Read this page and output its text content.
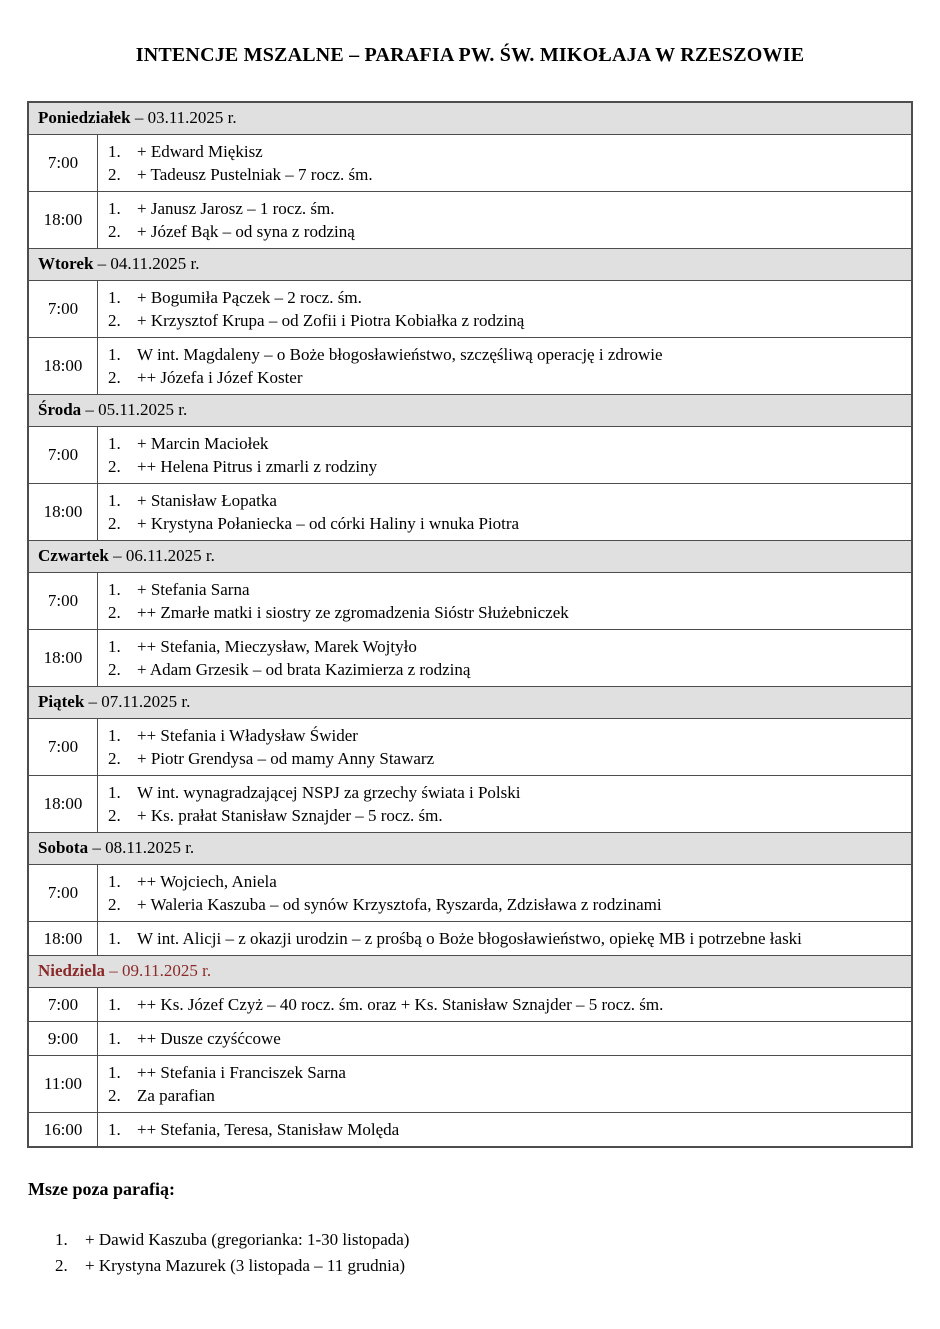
INTENCJE MSZALNE – PARAFIA PW. ŚW. MIKOŁAJA W RZESZOWIE
Poniedziałek – 03.11.2025 r.	
7:00	1. + Edward Miękisz
2. + Tadeusz Pustelniak – 7 rocz. śm.

18:00	1. + Janusz Jarosz – 1 rocz. śm.
2. + Józef Bąk – od syna z rodziną

Wtorek – 04.11.2025 r.	
7:00	1. + Bogumiła Pączek – 2 rocz. śm.
2. + Krzysztof Krupa – od Zofii i Piotra Kobiałka z rodziną

18:00	1. W int. Magdaleny – o Boże błogosławieństwo, szczęśliwą operację i zdrowie
2. ++ Józefa i Józef Koster

Środa – 05.11.2025 r.	
7:00	1. + Marcin Maciołek
2. ++ Helena Pitrus i zmarli z rodziny

18:00	1. + Stanisław Łopatka
2. + Krystyna Połaniecka – od córki Haliny i wnuka Piotra

Czwartek – 06.11.2025 r.	
7:00	1. + Stefania Sarna
2. ++ Zmarłe matki i siostry ze zgromadzenia Sióstr Służebniczek

18:00	1. ++ Stefania, Mieczysław, Marek Wojtyło
2. + Adam Grzesik – od brata Kazimierza z rodziną

Piątek – 07.11.2025 r.	
7:00	1. ++ Stefania i Władysław Świder
2. + Piotr Grendysa – od mamy Anny Stawarz

18:00	1. W int. wynagradzającej NSPJ za grzechy świata i Polski
2. + Ks. prałat Stanisław Sznajder – 5 rocz. śm.

Sobota – 08.11.2025 r.	
7:00	1. ++ Wojciech, Aniela
2. + Waleria Kaszuba – od synów Krzysztofa, Ryszarda, Zdzisława z rodzinami

18:00	1. W int. Alicji – z okazji urodzin – z prośbą o Boże błogosławieństwo, opiekę MB i potrzebne łaski

Niedziela – 09.11.2025 r.	
7:00	1. ++ Ks. Józef Czyż – 40 rocz. śm. oraz + Ks. Stanisław Sznajder – 5 rocz. śm.

9:00	1. ++ Dusze czyśćcowe

11:00	1. ++ Stefania i Franciszek Sarna
2. Za parafian

16:00	1. ++ Stefania, Teresa, Stanisław Molęda
Msze poza parafią:
1.	+ Dawid Kaszuba (gregorianka: 1-30 listopada)
2.	+ Krystyna Mazurek (3 listopada – 11 grudnia)
